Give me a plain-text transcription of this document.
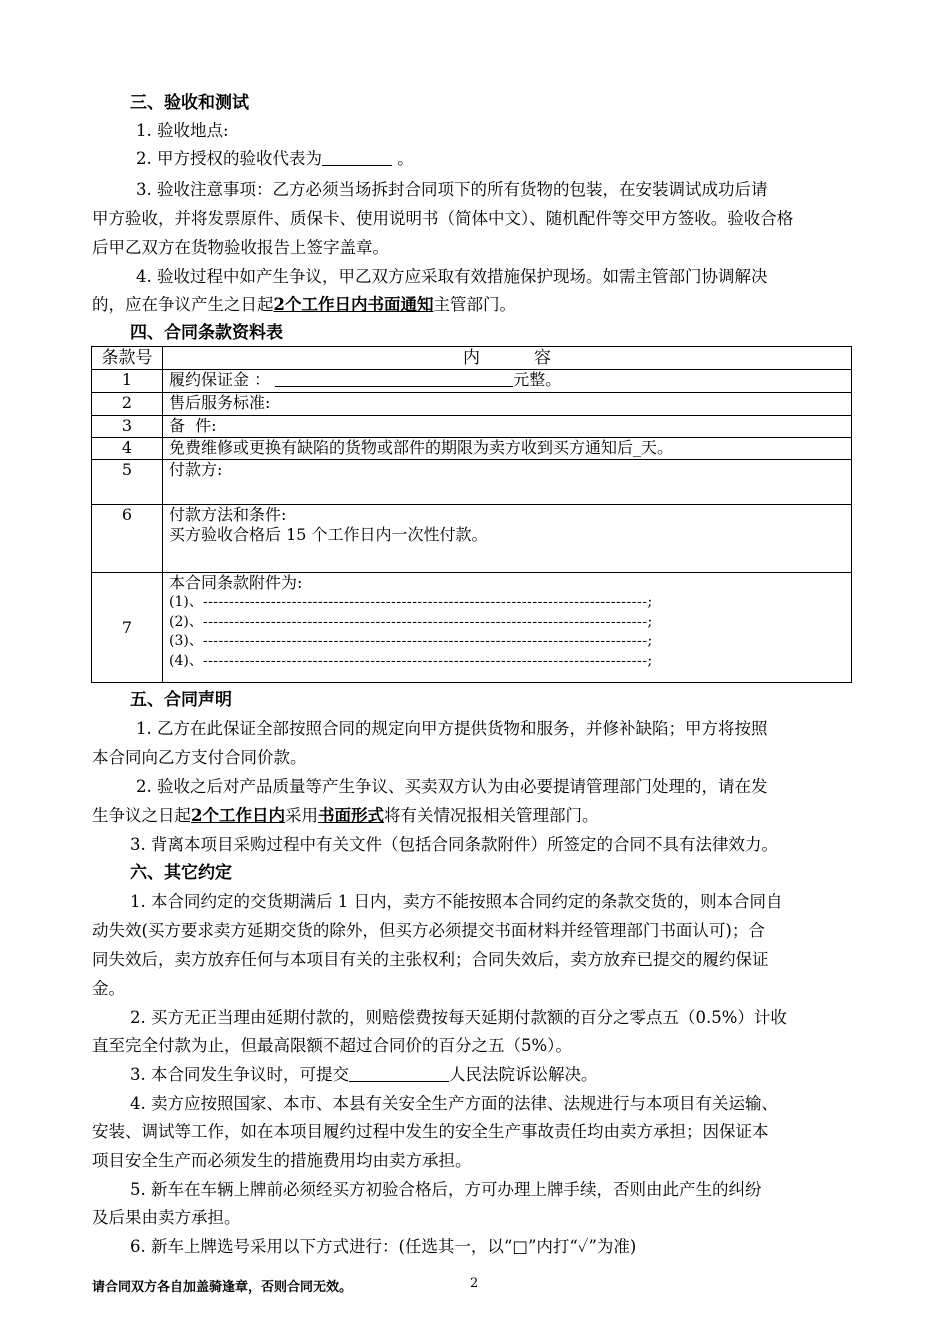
三、验收和测试
1. 验收地点:
2. 甲方授权的验收代表为	。
3. 验收注意事项：乙方必须当场拆封合同项下的所有货物的包装，在安装调试成功后请
甲方验收，并将发票原件、质保卡、使用说明书（简体中文）、随机配件等交甲方签收。验收合格
后甲乙双方在货物验收报告上签字盖章。
4. 验收过程中如产生争议，甲乙双方应采取有效措施保护现场。如需主管部门协调解决
的，应在争议产生之日起2个工作日内书面通知主管部门。
四、合同条款资料表
条款号	内          容
1	履约保证金 ： 元整。
2	售后服务标准:
3	备  件:
4	免费维修或更换有缺陷的货物或部件的期限为卖方收到买方通知后_天。
5	付款方:
6	付款方法和条件:
买方验收合格后 15 个工作日内一次性付款。

7	本合同条款附件为:
(1)、-------------------------------------------------------------------------------------;
(2)、-------------------------------------------------------------------------------------;
(3)、-------------------------------------------------------------------------------------;
(4)、-------------------------------------------------------------------------------------;
五、合同声明
1. 乙方在此保证全部按照合同的规定向甲方提供货物和服务，并修补缺陷；甲方将按照
本合同向乙方支付合同价款。
2. 验收之后对产品质量等产生争议、买卖双方认为由必要提请管理部门处理的，请在发
生争议之日起2个工作日内采用书面形式将有关情况报相关管理部门。
3. 背离本项目采购过程中有关文件（包括合同条款附件）所签定的合同不具有法律效力。
六、其它约定
1. 本合同约定的交货期满后 1 日内，卖方不能按照本合同约定的条款交货的，则本合同自
动失效(买方要求卖方延期交货的除外，但买方必须提交书面材料并经管理部门书面认可)；合
同失效后，卖方放弃任何与本项目有关的主张权利；合同失效后，卖方放弃已提交的履约保证
金。
2. 买方无正当理由延期付款的，则赔偿费按每天延期付款额的百分之零点五（0.5%）计收
直至完全付款为止，但最高限额不超过合同价的百分之五（5%）。
3. 本合同发生争议时，可提交	人民法院诉讼解决。
4. 卖方应按照国家、本市、本县有关安全生产方面的法律、法规进行与本项目有关运输、
安装、调试等工作，如在本项目履约过程中发生的安全生产事故责任均由卖方承担；因保证本
项目安全生产而必须发生的措施费用均由卖方承担。
5. 新车在车辆上牌前必须经买方初验合格后，方可办理上牌手续，否则由此产生的纠纷
及后果由卖方承担。
6. 新车上牌选号采用以下方式进行：(任选其一，以“□”内打“✓”为准)
请合同双方各自加盖骑逢章，否则合同无效。	2
